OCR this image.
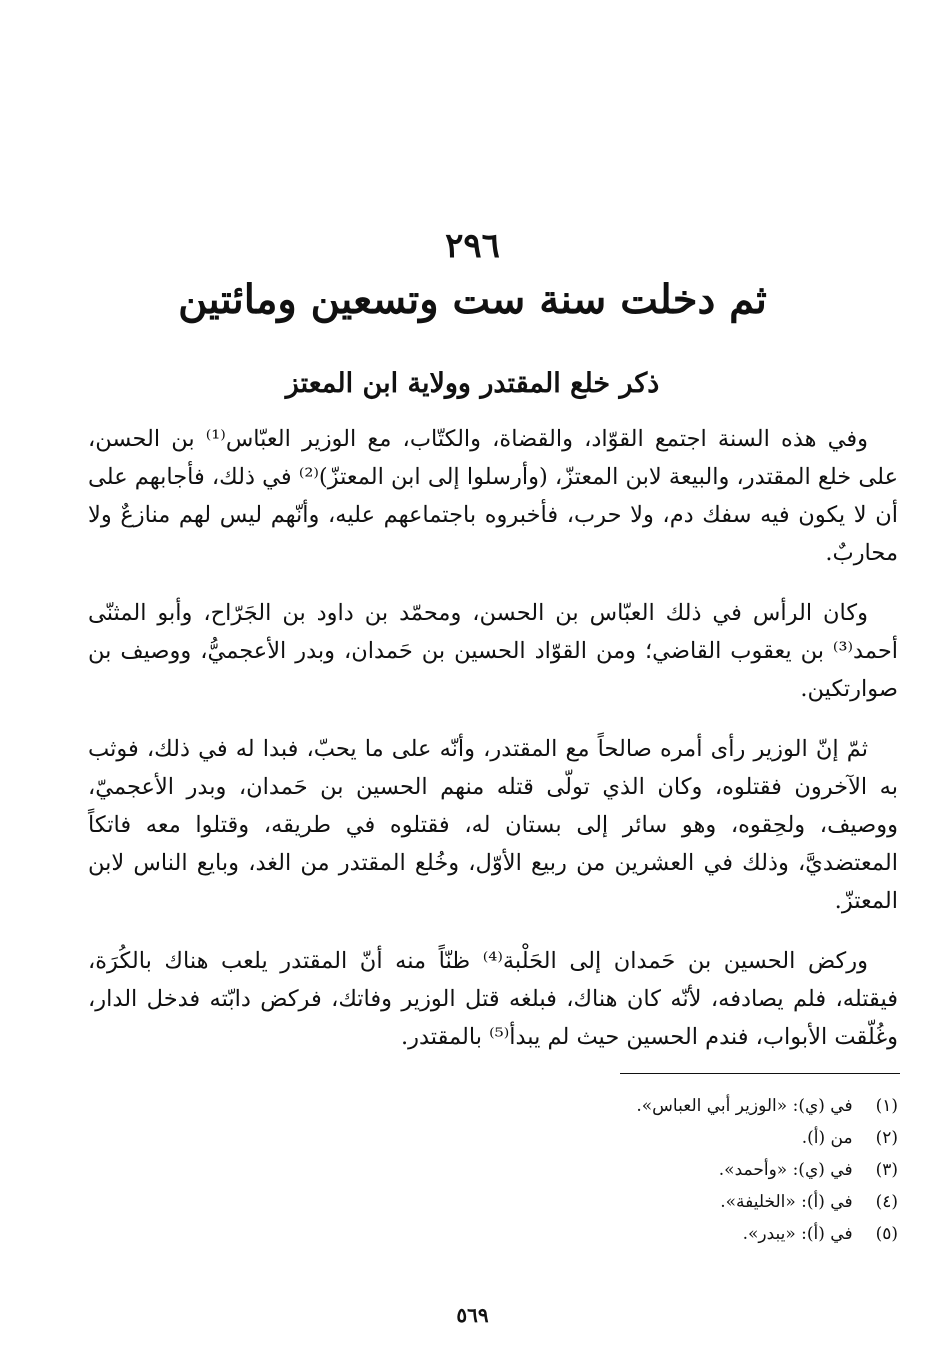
٢٩٦
ثم دخلت سنة ست وتسعين ومائتين
ذكر خلع المقتدر وولاية ابن المعتز

وفي هذه السنة اجتمع القوّاد، والقضاة، والكتّاب، مع الوزير العبّاس⁽¹⁾ بن الحسن، على خلع المقتدر، والبيعة لابن المعتزّ، (وأرسلوا إلى ابن المعتزّ)⁽²⁾ في ذلك، فأجابهم على أن لا يكون فيه سفك دم، ولا حرب، فأخبروه باجتماعهم عليه، وأنّهم ليس لهم منازعٌ ولا محاربٌ.

وكان الرأس في ذلك العبّاس بن الحسن، ومحمّد بن داود بن الجَرّاح، وأبو المثنّى أحمد⁽³⁾ بن يعقوب القاضي؛ ومن القوّاد الحسين بن حَمدان، وبدر الأعجميُّ، ووصيف بن صوارتكين.

ثمّ إنّ الوزير رأى أمره صالحاً مع المقتدر، وأنّه على ما يحبّ، فبدا له في ذلك، فوثب به الآخرون فقتلوه، وكان الذي تولّى قتله منهم الحسين بن حَمدان، وبدر الأعجميّ، ووصيف، ولحِقوه، وهو سائر إلى بستان له، فقتلوه في طريقه، وقتلوا معه فاتكاً المعتضديَّ، وذلك في العشرين من ربيع الأوّل، وخُلع المقتدر من الغد، وبايع الناس لابن المعتزّ.

وركض الحسين بن حَمدان إلى الحَلْبة⁽⁴⁾ ظنّاً منه أنّ المقتدر يلعب هناك بالكُرَة، فيقتله، فلم يصادفه، لأنّه كان هناك، فبلغه قتل الوزير وفاتك، فركض دابّته فدخل الدار، وغُلّقت الأبواب، فندم الحسين حيث لم يبدأ⁽⁵⁾ بالمقتدر.

(١) في (ي): «الوزير أبي العباس».
(٢) من (أ).
(٣) في (ي): «وأحمد».
(٤) في (أ): «الخليفة».
(٥) في (أ): «يبدر».
٥٦٩
